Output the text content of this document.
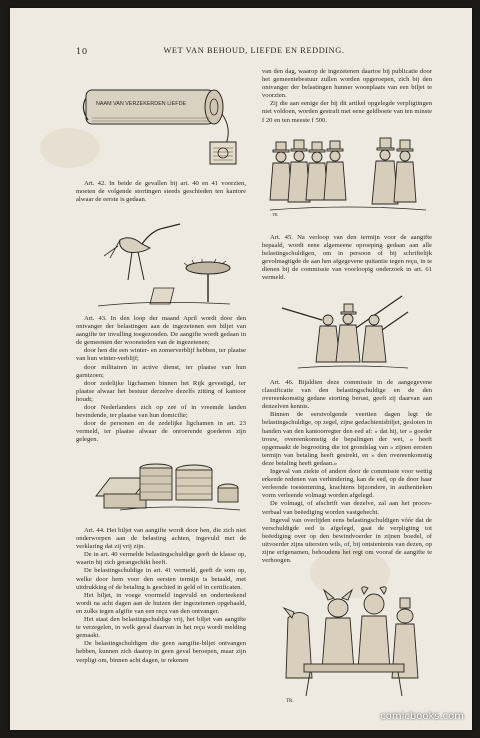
10	WET VAN BEHOUD, LIEFDE EN REDDING.
NAAM VAN VERZEKERDEN LIEFDE

Art. 42. In beide de gevallen bij art. 40 en 41 voorzien, moeten de volgende stortingen steeds geschieden ten kantore alwaar de eerste is gedaan.

Art. 43. In den loop der maand April wordt door den ontvanger der belastingen aan de ingezetenen een biljet van aangifte ter invulling toegezonden. De aangifte wordt gedaan in de gemeenten der woonsteden van de ingezetenen;

door hen die een winter- en zomerverblijf hebben, ter plaatse van hun winter-verblijf;

door militairen in active dienst, ter plaatse van hun garnizoen;

door zedelijke ligchamen binnen het Rijk gevestigd, ter plaatse alwaar het bestuur derzelve dezelfs zitting of kantoor houdt;

door Nederlanders zich op zee of in vreemde landen bevindende, ter plaatse van hun domicilie;

door de personen en de zedelijke ligchamen in art. 23 vermeld, ter plaatse alwaar de onroerende goederen zijn gelegen.

Art. 44. Het biljet van aangifte wordt door hen, die zich niet onderworpen aan de belasting achten, ingevuld met de verklaring dat zij vrij zijn.

De in art. 40 vermelde belastingschuldige geeft de klasse op, waarin hij zich gerangschikt heeft.

De belastingschuldige in art. 41 vermeld, geeft de som op, welke door hem voor den eersten termijn is betaald, met uitdrukking of de betaling is geschied in geld of in certificaten.

Het biljet, in voege voormeld ingevuld en onderteekend wordt na acht dagen aan de huizen der ingezetenen opgehaald, en zulks tegen afgifte van een reçu van den ontvanger.

Het staat den belastingschuldige vrij, het biljet van aangifte te verzegelen, in welk geval daarvan in het reçu wordt melding gemaakt.

De belastingschuldigen die geen aangifte-biljet ontvangen hebben, kunnen zich daarop in geen geval beroepen, maar zijn verpligt om, binnen acht dagen, te rekenen

van den dag, waarop de ingezetenen daartoe bij publicatie door het gemeentebestuur zullen worden opgeroepen, zich bij den ontvanger der belastingen hunner woonplaats van een biljet te voorzien.

Zij die aan eenige der bij dit artikel opgelegde verpligtingen niet voldoen, worden gestraft met eene geldboete van ten minste f 20 en ten meeste f 500.

TR.

Art. 45. Na verloop van den termijn voor de aangifte bepaald, wordt eene algemeene oproeping gedaan aan alle belastingschuldigen, om in persoon of bij schriftelijk gevolmagtigde de aan hen afgegevene quitantie tegen reçu, in te dienen bij de commissie van voorloopig onderzoek in art. 61 vermeld.

Art. 46. Bijaldien deze commissie in de aangegevene classificatie van den belastingschuldige en de den overeenkomstig gedane storting berust, geeft zij daarvan aan denzelven kennis.

Binnen de eerstvolgende veertien dagen legt de belastingschuldige, op zegel, zijne gedachtenisbiljet, gesloten in handen van den kantoorregter den eed af: » dat hij, ter » goeder trouw, overeenkomstig de bepalingen der wet, » heeft opgemaakt de begrooting die tot grondslag van » zijnen eersten termijn van betaling heeft gestrekt, en » den overeenkomstig deze betaling heeft gedaan.»

Ingeval van ziekte of andere door de commissie voor wettig erkende redenen van verhindering, kan de eed, op de door haar verleende toestemming, krachtens bijzondere, in authentieken vorm verleende volmagt worden afgelegd.

De volmagt, of afschrift van dezelve, zal aan het proces-verbaal van beëediging worden vastgehecht.

Ingeval van overlijden eens belastingschuldigen vóór dat de verschuldigde eed is afgelegd, gaat de verpligting tot beëediging over op den bewindvoerder in zijnen boedel, of uitvoerder zijns uitersten wils, of, bij ontstentenis van dezen, op zijne erfgenamen, behoudens het regt om vooraf de aangifte te verhoogen.

TR.
comicbooks.com
